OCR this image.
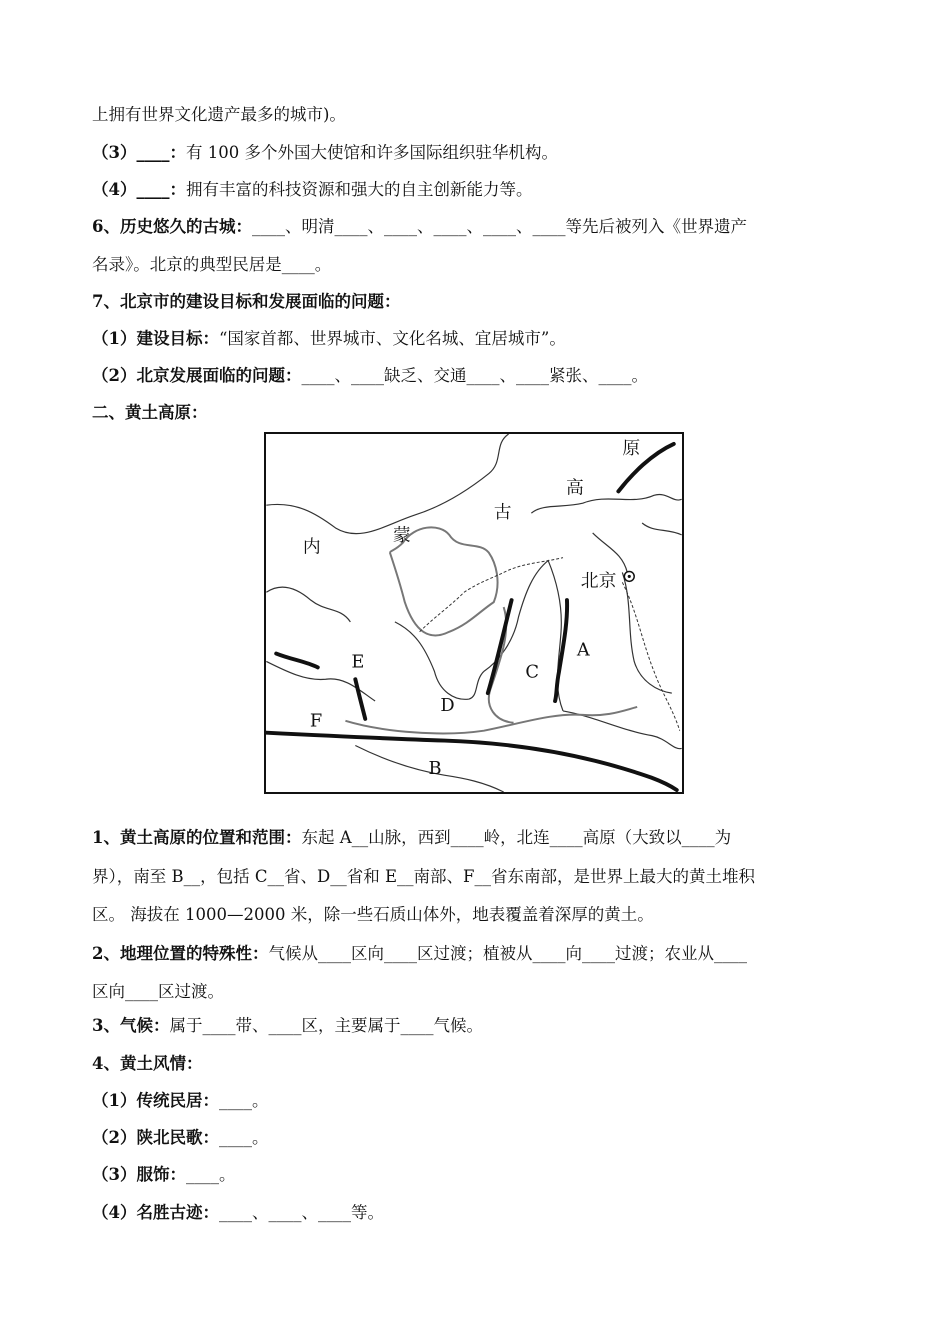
上拥有世界文化遗产最多的城市)。
（3）____：有 100 多个外国大使馆和许多国际组织驻华机构。
（4）____：拥有丰富的科技资源和强大的自主创新能力等。
6、历史悠久的古城：____、明清____、____、____、____、____等先后被列入《世界遗产
名录》。北京的典型民居是____。
7、北京市的建设目标和发展面临的问题：
（1）建设目标：“国家首都、世界城市、文化名城、宜居城市”。
（2）北京发展面临的问题：____、____缺乏、交通____、____紧张、____。
二、黄土高原：
原
高
古
蒙
内
北京
A
C
E
D
F
B
1、黄土高原的位置和范围：东起 A__山脉，西到____岭，北连____高原（大致以____为
界），南至 B__，包括 C__省、D__省和 E__南部、F__省东南部，是世界上最大的黄土堆积
区。 海拔在 1000—2000 米，除一些石质山体外，地表覆盖着深厚的黄土。
2、地理位置的特殊性：气候从____区向____区过渡；植被从____向____过渡；农业从____
区向____区过渡。
3、气候：属于____带、____区，主要属于____气候。
4、黄土风情：
（1）传统民居：____。
（2）陕北民歌：____。
（3）服饰：____。
（4）名胜古迹：____、____、____等。
